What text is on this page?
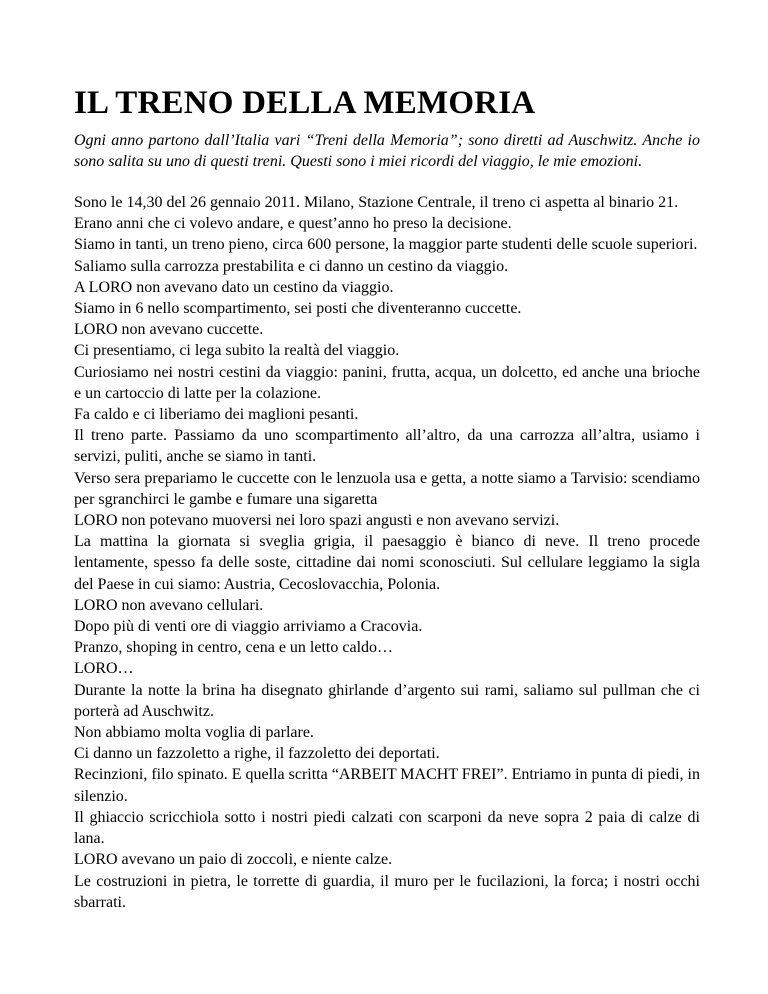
IL TRENO DELLA MEMORIA

Ogni anno partono dall’Italia vari “Treni della Memoria”; sono diretti ad Auschwitz. Anche io sono salita su uno di questi treni. Questi sono i miei ricordi del viaggio, le mie emozioni.

Sono le 14,30 del 26 gennaio 2011. Milano, Stazione Centrale, il treno ci aspetta al binario 21.

Erano anni che ci volevo andare, e quest’anno ho preso la decisione.

Siamo in tanti, un treno pieno, circa 600 persone, la maggior parte studenti delle scuole superiori.

Saliamo sulla carrozza prestabilita e ci danno un cestino da viaggio.

A LORO non avevano dato un cestino da viaggio.

Siamo in 6 nello scompartimento, sei posti che diventeranno cuccette.

LORO non avevano cuccette.

Ci presentiamo, ci lega subito la realtà del viaggio.

Curiosiamo nei nostri cestini da viaggio: panini, frutta, acqua, un dolcetto, ed anche una brioche e un cartoccio di latte per la colazione.

Fa caldo e ci liberiamo dei maglioni pesanti.

Il treno parte. Passiamo da uno scompartimento all’altro, da una carrozza all’altra, usiamo i servizi, puliti, anche se siamo in tanti.

Verso sera prepariamo le cuccette con le lenzuola usa e getta, a notte siamo a Tarvisio: scendiamo per sgranchirci le gambe e fumare una sigaretta

LORO non potevano muoversi nei loro spazi angusti e non avevano servizi.

La mattina la giornata si sveglia grigia, il paesaggio è bianco di neve. Il treno procede lentamente, spesso fa delle soste, cittadine dai nomi sconosciuti. Sul cellulare leggiamo la sigla del Paese in cui siamo: Austria, Cecoslovacchia, Polonia.

LORO non avevano cellulari.

Dopo più di venti ore di viaggio arriviamo a Cracovia.

Pranzo, shoping in centro, cena e un letto caldo…

LORO…

Durante la notte la brina ha disegnato ghirlande d’argento sui rami, saliamo sul pullman che ci porterà ad Auschwitz.

Non abbiamo molta voglia di parlare.

Ci danno un fazzoletto a righe, il fazzoletto dei deportati.

Recinzioni, filo spinato. E quella scritta “ARBEIT MACHT FREI”. Entriamo in punta di piedi, in silenzio.

Il ghiaccio scricchiola sotto i nostri piedi calzati con scarponi da neve sopra 2 paia di calze di lana.

LORO avevano un paio di zoccoli, e niente calze.

Le costruzioni in pietra, le torrette di guardia, il muro per le fucilazioni, la forca; i nostri occhi sbarrati.
